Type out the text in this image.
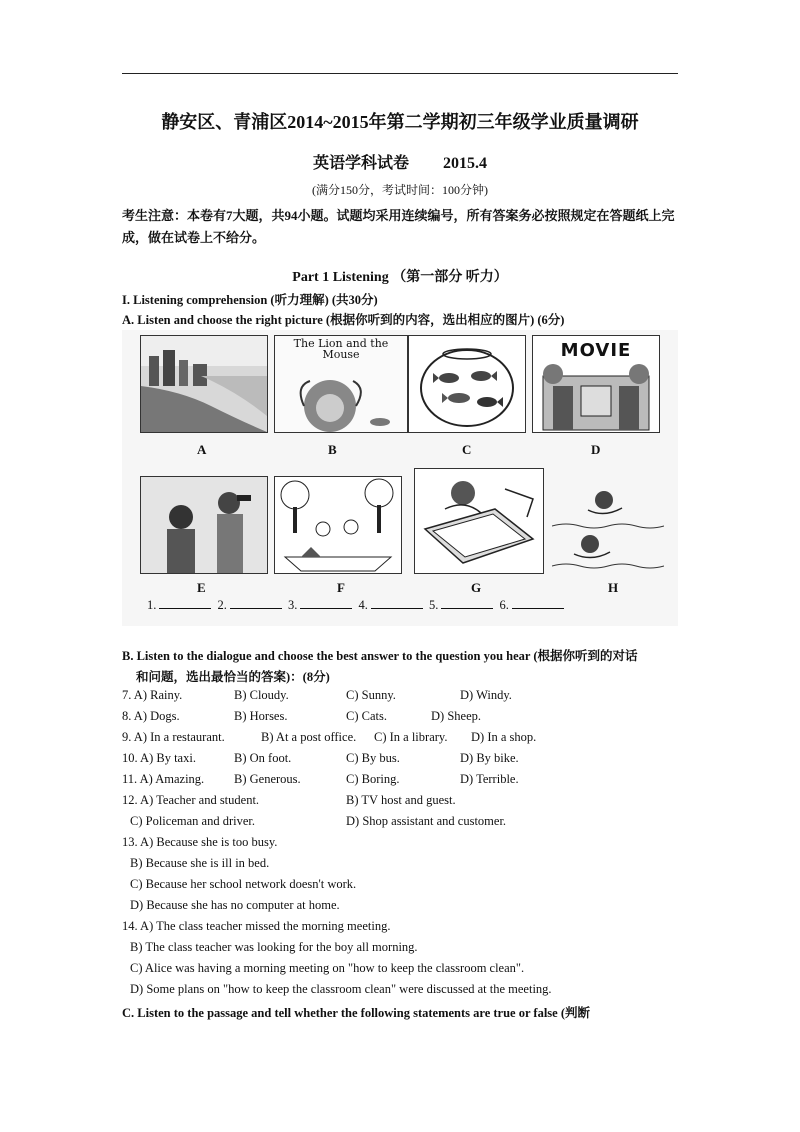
静安区、青浦区2014~2015年第二学期初三年级学业质量调研
英语学科试卷 2015.4
(满分150分，考试时间：100分钟)
考生注意：本卷有7大题，共94小题。试题均采用连续编号，所有答案务必按照规定在答题纸上完成，做在试卷上不给分。
Part 1 Listening （第一部分 听力）
I. Listening comprehension (听力理解) (共30分)
A. Listen and choose the right picture (根据你听到的内容，选出相应的图片) (6分)
A
The Lion and the Mouse
B	C
MOVIE
D
E	F	G	H
1.	2.	3.	4.	5.	6.
B. Listen to the dialogue and choose the best answer to the question you hear (根据你听到的对话
和问题，选出最恰当的答案)：(8分)
7. A) Rainy.	B) Cloudy.	C) Sunny.	D) Windy.
8. A) Dogs.	B) Horses.	C) Cats.	D) Sheep.
9. A) In a restaurant.	B) At a post office. C) In a library. D) In a shop.
10. A) By taxi.	B) On foot.	C) By bus.	D) By bike.
11. A) Amazing. B) Generous.	C) Boring.	D) Terrible.
12. A) Teacher and student.	B) TV host and guest.
C) Policeman and driver.	D) Shop assistant and customer.
13. A) Because she is too busy.
B) Because she is ill in bed.
C) Because her school network doesn't work.
D) Because she has no computer at home.
14. A) The class teacher missed the morning meeting.
B) The class teacher was looking for the boy all morning.
C) Alice was having a morning meeting on "how to keep the classroom clean".
D) Some plans on "how to keep the classroom clean" were discussed at the meeting.
C. Listen to the passage and tell whether the following statements are true or false (判断
